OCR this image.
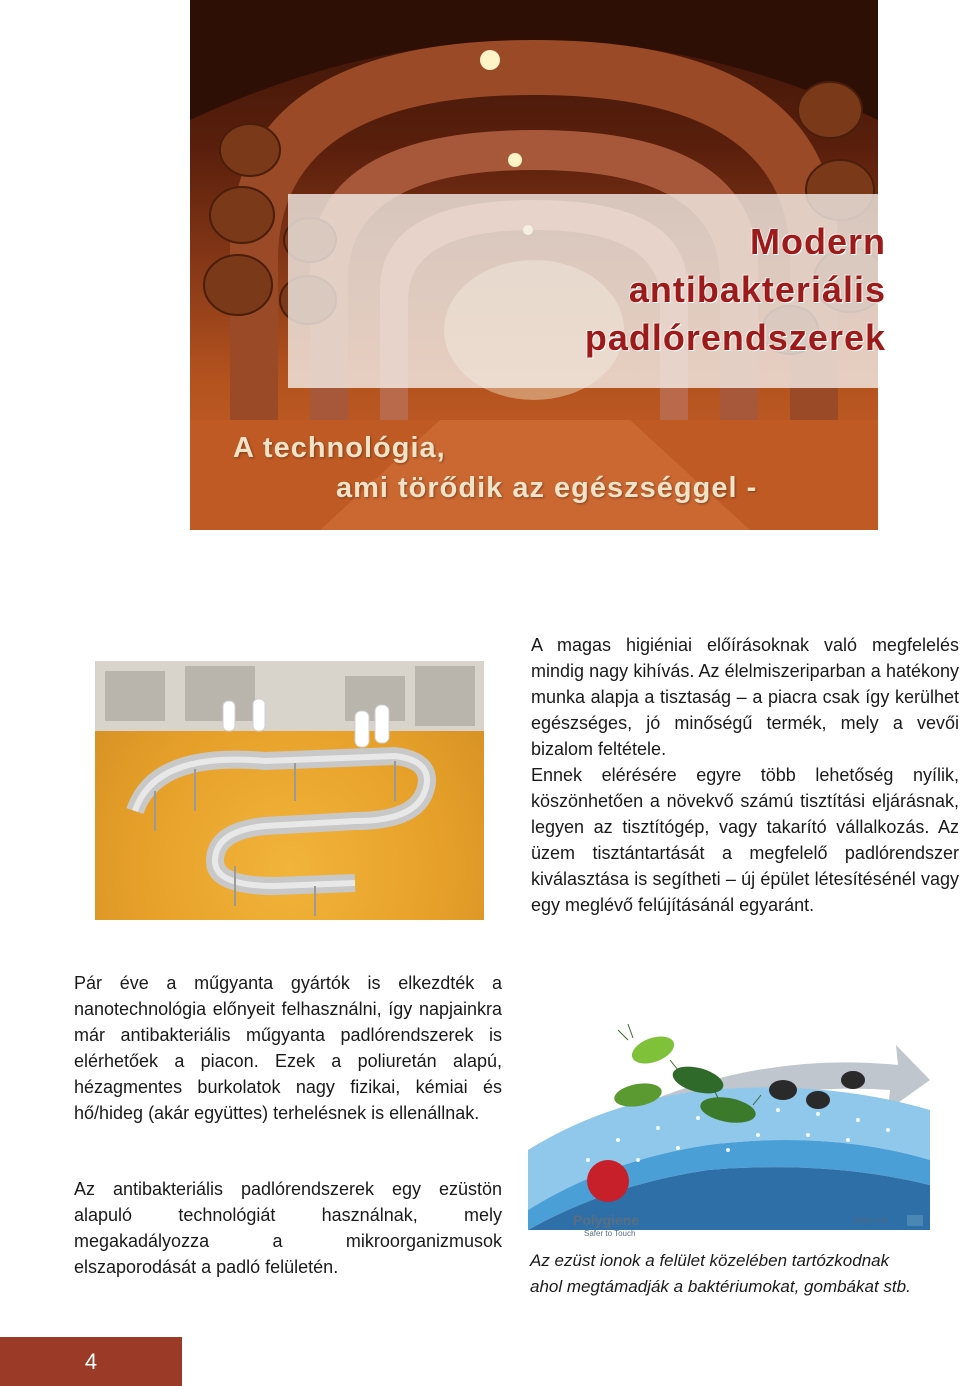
Modern
antibakteriális
padlórendszerek
A technológia,
ami törődik az egészséggel -

A magas higiéniai előírásoknak való megfelelés mindig nagy kihívás. Az élelmiszeriparban a hatékony munka alapja a tisztaság – a piacra csak így kerülhet egészséges, jó minőségű termék, mely a vevői bizalom feltétele.

Ennek elérésére egyre több lehetőség nyílik, köszönhetően a növekvő számú tisztítási eljárásnak, legyen az tisztítógép, vagy takarító vállalkozás. Az üzem tisztántartását a megfelelő padlórendszer kiválasztása is segítheti – új épület létesítésénél vagy egy meglévő felújításánál egyaránt.

Pár éve a műgyanta gyártók is elkezdték a nanotechnológia előnyeit felhasználni, így napjainkra már antibakteriális műgyanta padlórendszerek is elérhetőek a piacon. Ezek a poliuretán alapú, hézagmentes burkolatok nagy fizikai, kémiai és hő/hideg (akár együttes) terhelésnek is ellenállnak.

Az antibakteriális padlórendszerek egy ezüstön alapuló technológiát használnak, mely megakadályozza a mikroorganizmusok elszaporodását a padló felületén.

Polygiene
Safer to Touch
silver ion
Az ezüst ionok a felület közelében tartózkodnak
ahol megtámadják a baktériumokat, gombákat stb.
4
